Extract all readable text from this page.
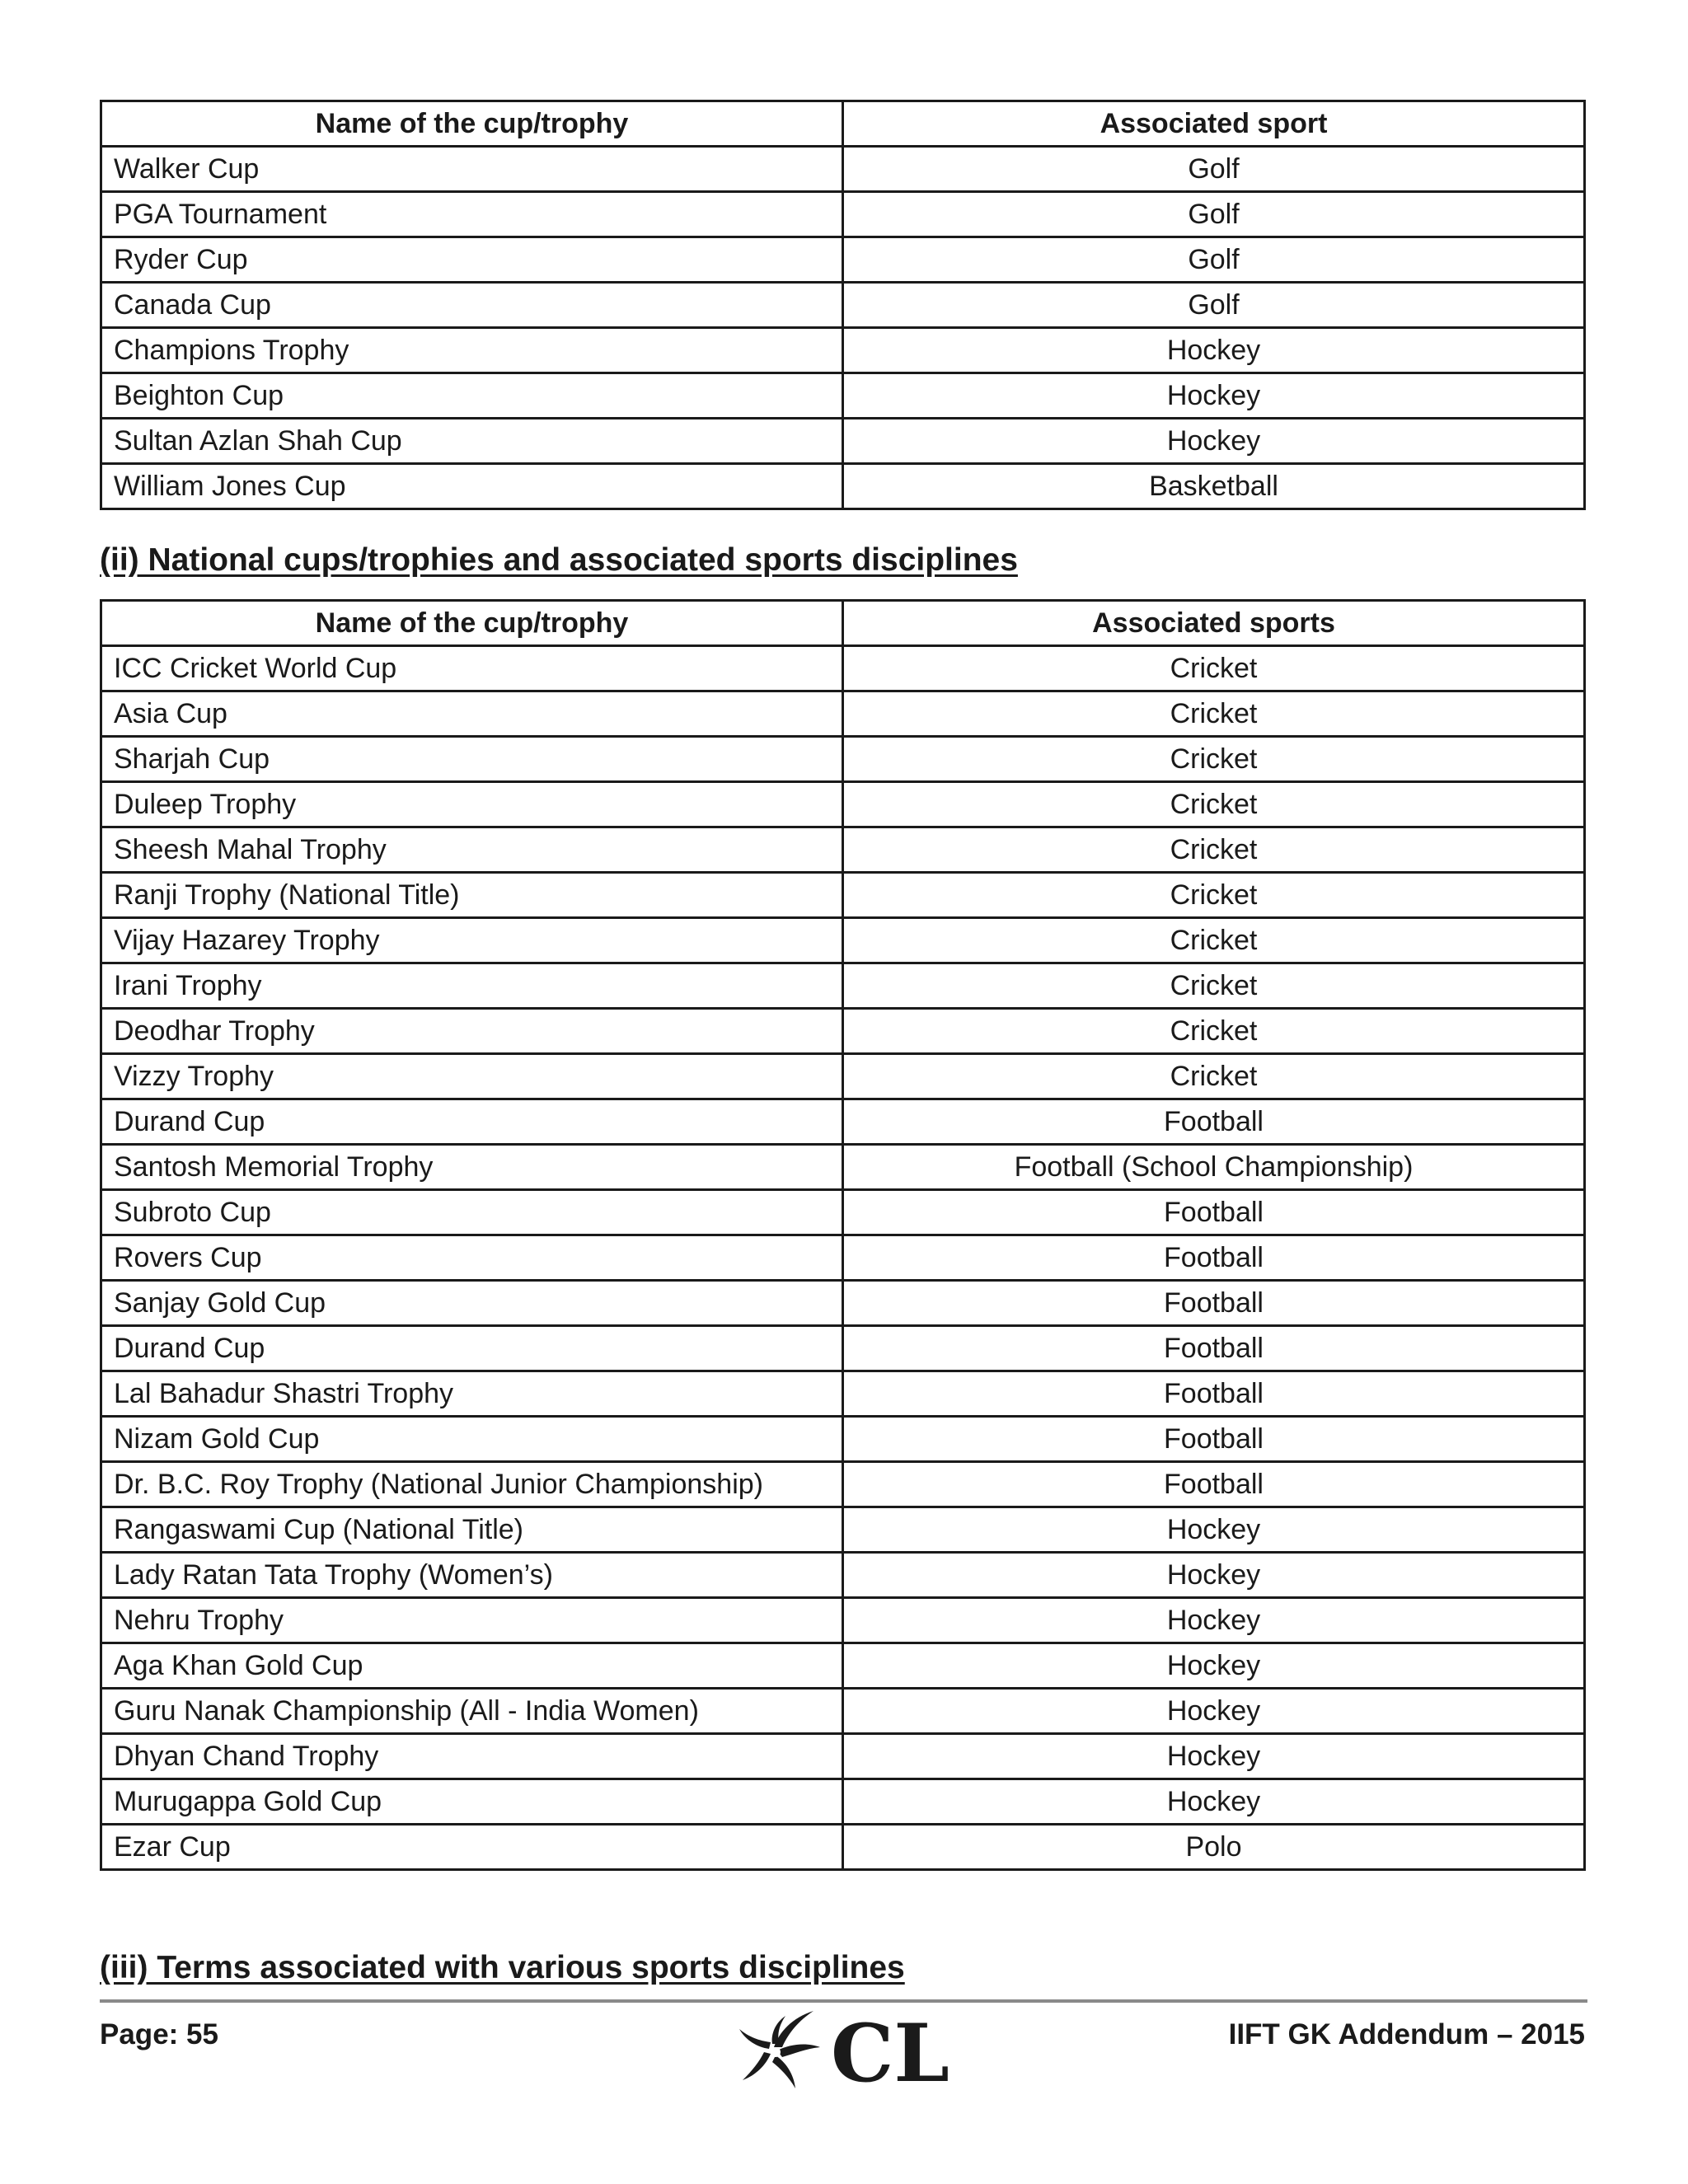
Name of the cup/trophy	Associated sport
Walker Cup	Golf
PGA Tournament	Golf
Ryder Cup	Golf
Canada Cup	Golf
Champions Trophy	Hockey
Beighton Cup	Hockey
Sultan Azlan Shah Cup	Hockey
William Jones Cup	Basketball
(ii) National cups/trophies and associated sports disciplines
Name of the cup/trophy	Associated sports
ICC Cricket World Cup	Cricket
Asia Cup	Cricket
Sharjah Cup	Cricket
Duleep Trophy	Cricket
Sheesh Mahal Trophy	Cricket
Ranji Trophy (National Title)	Cricket
Vijay Hazarey Trophy	Cricket
Irani Trophy	Cricket
Deodhar Trophy	Cricket
Vizzy Trophy	Cricket
Durand Cup	Football
Santosh Memorial Trophy	Football (School Championship)
Subroto Cup	Football
Rovers Cup	Football
Sanjay Gold Cup	Football
Durand Cup	Football
Lal Bahadur Shastri Trophy	Football
Nizam Gold Cup	Football
Dr. B.C. Roy Trophy (National Junior Championship)	Football
Rangaswami Cup (National Title)	Hockey
Lady Ratan Tata Trophy (Women’s)	Hockey
Nehru Trophy	Hockey
Aga Khan Gold Cup	Hockey
Guru Nanak Championship (All - India Women)	Hockey
Dhyan Chand Trophy	Hockey
Murugappa Gold Cup	Hockey
Ezar Cup	Polo
(iii) Terms associated with various sports disciplines
Page: 55	CL	IIFT GK Addendum – 2015
